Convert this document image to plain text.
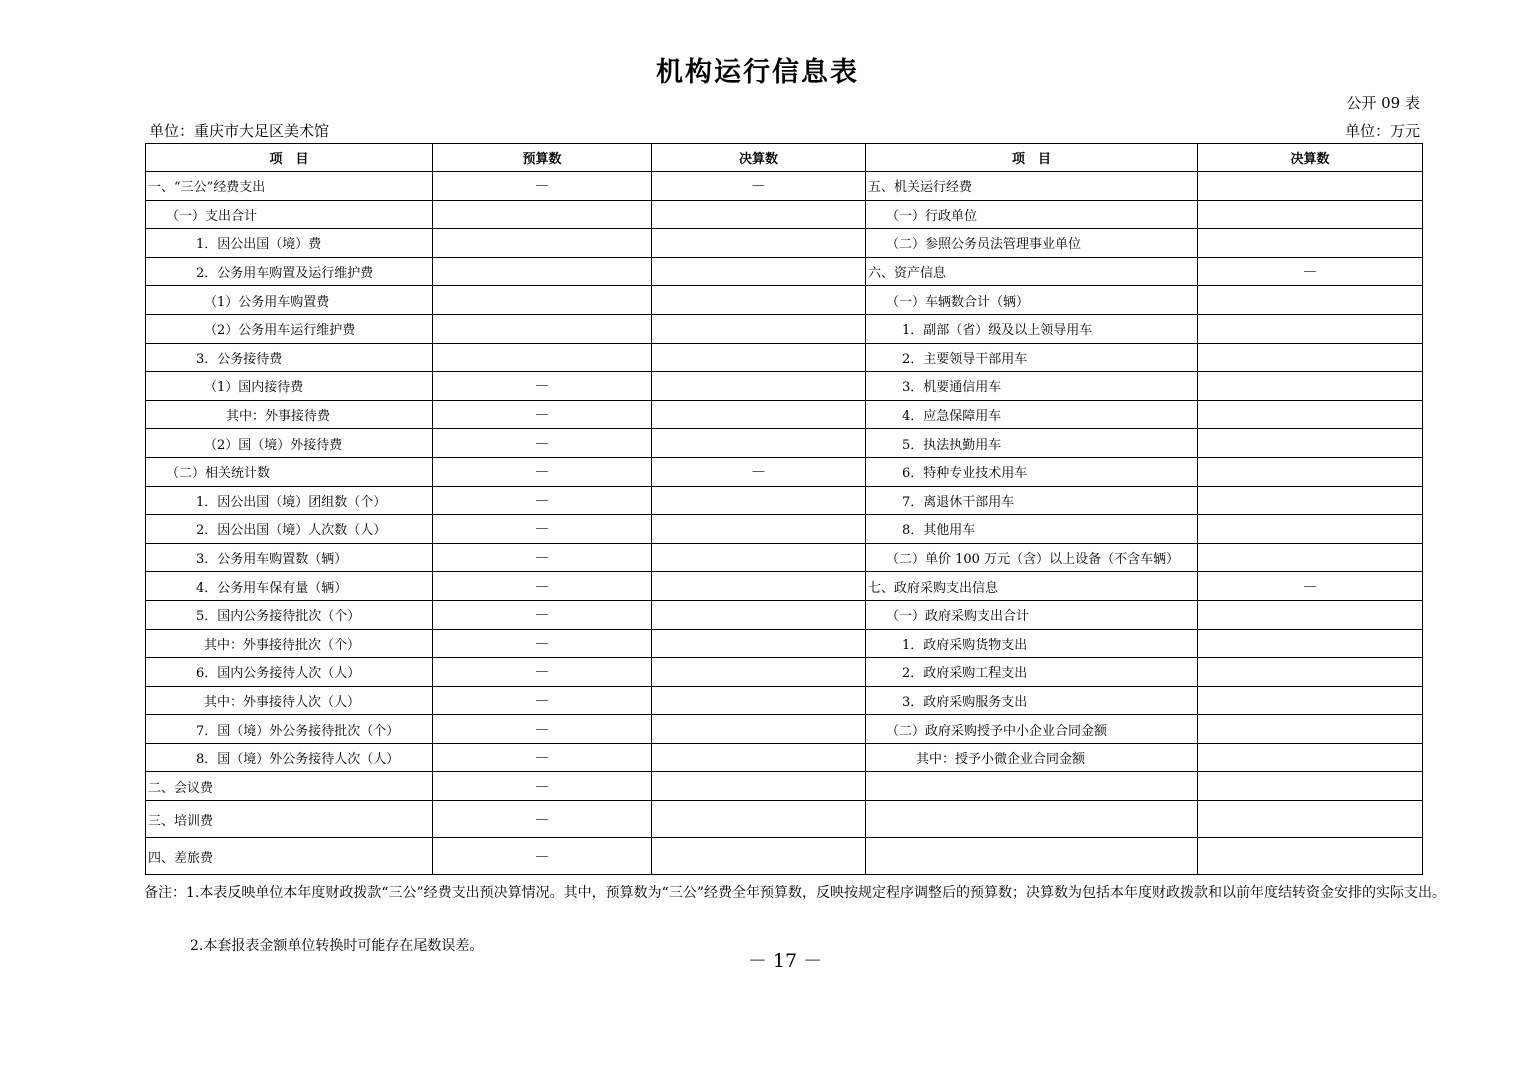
机构运行信息表
公开 09 表
单位：重庆市大足区美术馆	单位：万元
项　目	预算数	决算数	项　目	决算数
一、“三公”经费支出	—	—	五、机关运行经费	
（一）支出合计			（一）行政单位	
1．因公出国（境）费			（二）参照公务员法管理事业单位	
2．公务用车购置及运行维护费			六、资产信息	—
（1）公务用车购置费			（一）车辆数合计（辆）	
（2）公务用车运行维护费			1．副部（省）级及以上领导用车	
3．公务接待费			2．主要领导干部用车	
（1）国内接待费	—		3．机要通信用车	
其中：外事接待费	—		4．应急保障用车	
（2）国（境）外接待费	—		5．执法执勤用车	
（二）相关统计数	—	—	6．特种专业技术用车	
1．因公出国（境）团组数（个）	—		7．离退休干部用车	
2．因公出国（境）人次数（人）	—		8．其他用车	
3．公务用车购置数（辆）	—		（二）单价 100 万元（含）以上设备（不含车辆）	
4．公务用车保有量（辆）	—		七、政府采购支出信息	—
5．国内公务接待批次（个）	—		（一）政府采购支出合计	
其中：外事接待批次（个）	—		1．政府采购货物支出	
6．国内公务接待人次（人）	—		2．政府采购工程支出	
其中：外事接待人次（人）	—		3．政府采购服务支出	
7．国（境）外公务接待批次（个）	—		（二）政府采购授予中小企业合同金额	
8．国（境）外公务接待人次（人）	—		其中：授予小微企业合同金额	
二、会议费	—			
三、培训费	—			
四、差旅费	—			
备注：1.本表反映单位本年度财政拨款“三公”经费支出预决算情况。其中，预算数为“三公”经费全年预算数，反映按规定程序调整后的预算数；决算数为包括本年度财政拨款和以前年度结转资金安排的实际支出。
2.本套报表金额单位转换时可能存在尾数误差。
－ 17 －
